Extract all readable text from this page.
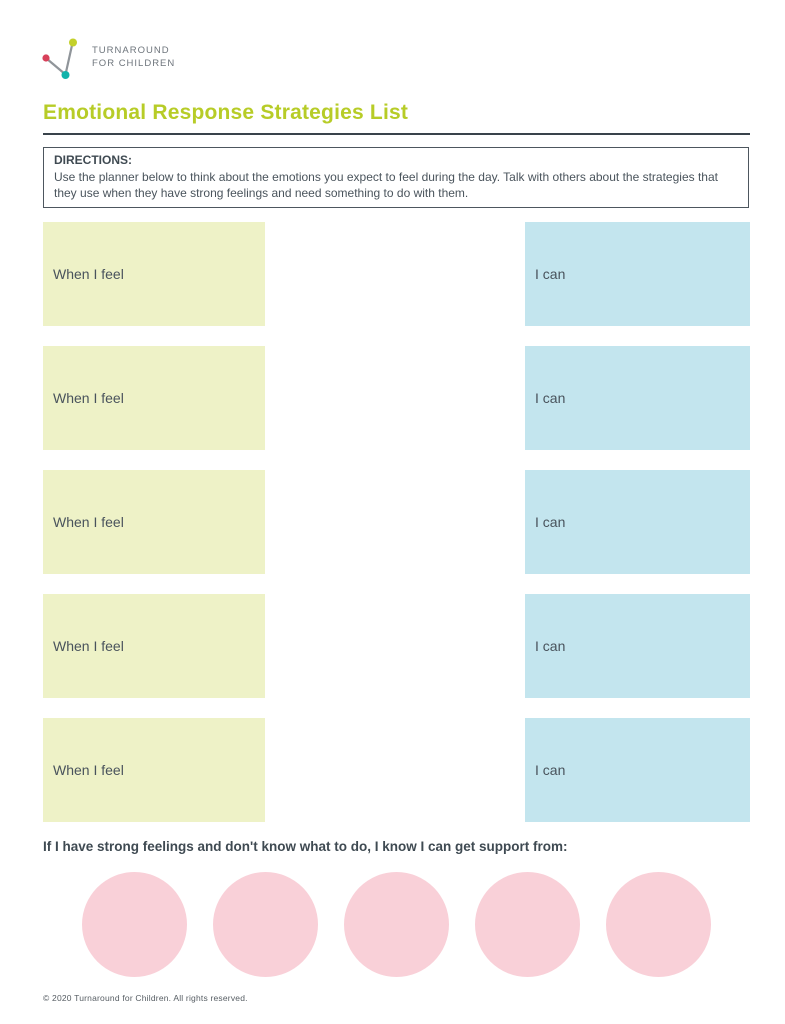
TURNAROUND
FOR CHILDREN
Emotional Response Strategies List

DIRECTIONS:

Use the planner below to think about the emotions you expect to feel during the day. Talk with others about the strategies that they use when they have strong feelings and need something to do with them.

When I feel	I can
When I feel	I can
When I feel	I can
When I feel	I can
When I feel	I can
If I have strong feelings and don't know what to do, I know I can get support from:
© 2020 Turnaround for Children. All rights reserved.
